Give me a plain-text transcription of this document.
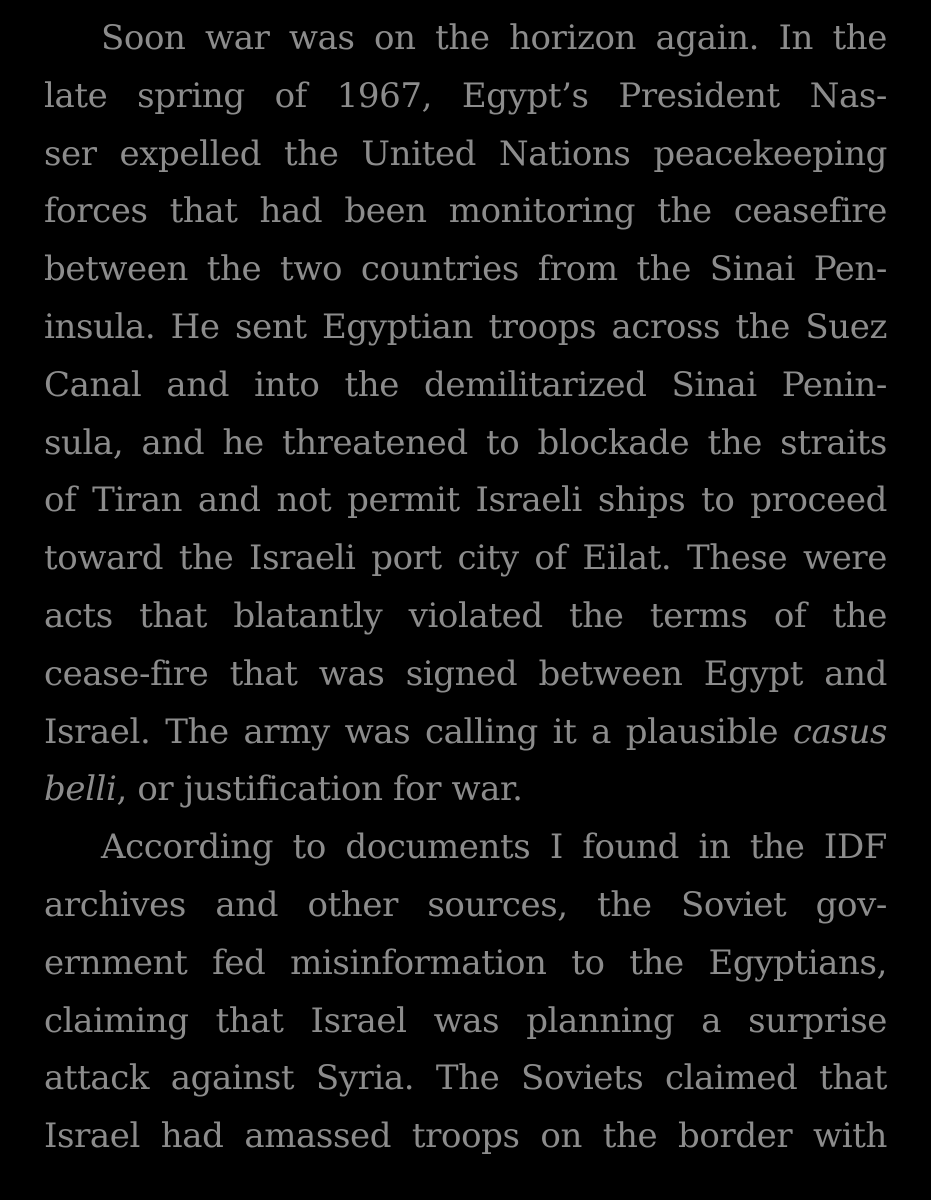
Soon war was on the horizon again. In the
late spring of 1967, Egypt’s President Nas-
ser expelled the United Nations peacekeeping
forces that had been monitoring the ceasefire
between the two countries from the Sinai Pen-
insula. He sent Egyptian troops across the Suez
Canal and into the demilitarized Sinai Penin-
sula, and he threatened to blockade the straits
of Tiran and not permit Israeli ships to proceed
toward the Israeli port city of Eilat. These were
acts that blatantly violated the terms of the
cease-fire that was signed between Egypt and
Israel. The army was calling it a plausible casus
belli, or justification for war.
According to documents I found in the IDF
archives and other sources, the Soviet gov-
ernment fed misinformation to the Egyptians,
claiming that Israel was planning a surprise
attack against Syria. The Soviets claimed that
Israel had amassed troops on the border with
